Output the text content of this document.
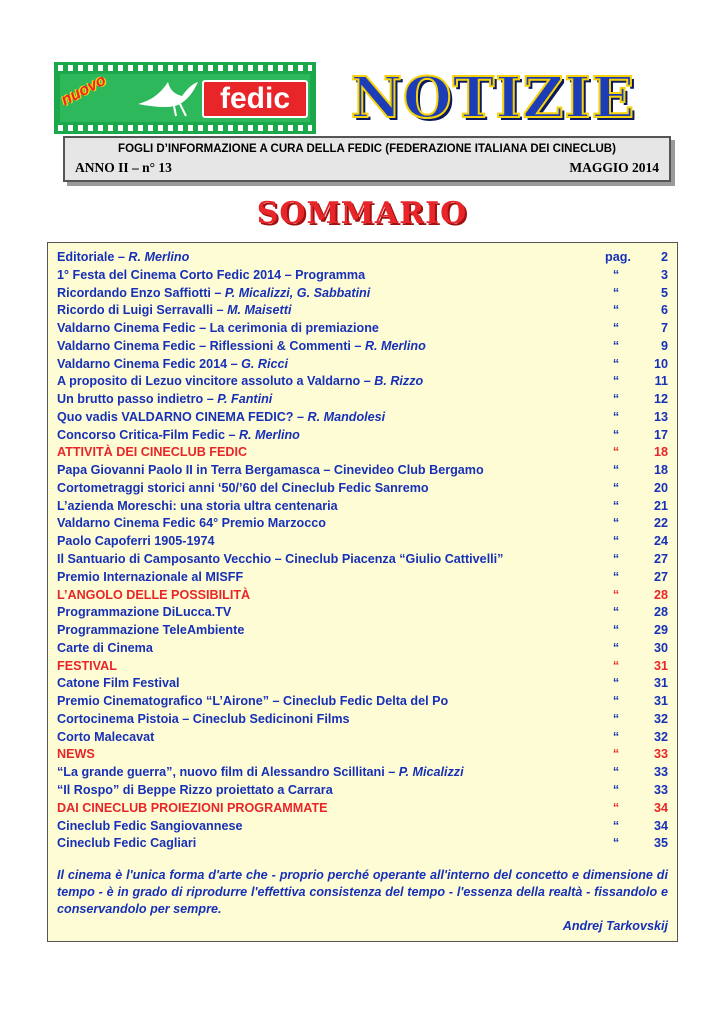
nuovo	fedic	NOTIZIE
FOGLI D’INFORMAZIONE A CURA DELLA FEDIC (FEDERAZIONE ITALIANA DEI CINECLUB)
ANNO II – n° 13	MAGGIO 2014
SOMMARIO
Editoriale – R. Merlino	pag.	2
1° Festa del Cinema Corto Fedic 2014 – Programma	“	3
Ricordando Enzo Saffiotti – P. Micalizzi, G. Sabbatini	“	5
Ricordo di Luigi Serravalli – M. Maisetti	“	6
Valdarno Cinema Fedic – La cerimonia di premiazione	“	7
Valdarno Cinema Fedic – Riflessioni & Commenti – R. Merlino	“	9
Valdarno Cinema Fedic 2014 – G. Ricci	“	10
A proposito di Lezuo vincitore assoluto a Valdarno – B. Rizzo	“	11
Un brutto passo indietro – P. Fantini	“	12
Quo vadis VALDARNO CINEMA FEDIC? – R. Mandolesi	“	13
Concorso Critica-Film Fedic – R. Merlino	“	17
ATTIVITÀ DEI CINECLUB FEDIC	“	18
Papa Giovanni Paolo II in Terra Bergamasca – Cinevideo Club Bergamo	“	18
Cortometraggi storici anni ‘50/’60 del Cineclub Fedic Sanremo	“	20
L’azienda Moreschi: una storia ultra centenaria	“	21
Valdarno Cinema Fedic 64° Premio Marzocco	“	22
Paolo Capoferri 1905-1974	“	24
Il Santuario di Camposanto Vecchio – Cineclub Piacenza “Giulio Cattivelli”	“	27
Premio Internazionale al MISFF	“	27
L’ANGOLO DELLE POSSIBILITÀ	“	28
Programmazione DiLucca.TV	“	28
Programmazione TeleAmbiente	“	29
Carte di Cinema	“	30
FESTIVAL	“	31
Catone Film Festival	“	31
Premio Cinematografico “L’Airone” – Cineclub Fedic Delta del Po	“	31
Cortocinema Pistoia – Cineclub Sedicinoni Films	“	32
Corto Malecavat	“	32
NEWS	“	33
“La grande guerra”, nuovo film di Alessandro Scillitani – P. Micalizzi	“	33
“Il Rospo” di Beppe Rizzo proiettato a Carrara	“	33
DAI CINECLUB PROIEZIONI PROGRAMMATE	“	34
Cineclub Fedic Sangiovannese	“	34
Cineclub Fedic Cagliari	“	35
Il cinema è l'unica forma d'arte che - proprio perché operante all'interno del concetto e dimensione di tempo - è in grado di riprodurre l'effettiva consistenza del tempo - l'essenza della realtà - fissandolo e conservandolo per sempre.
Andrej Tarkovskij
